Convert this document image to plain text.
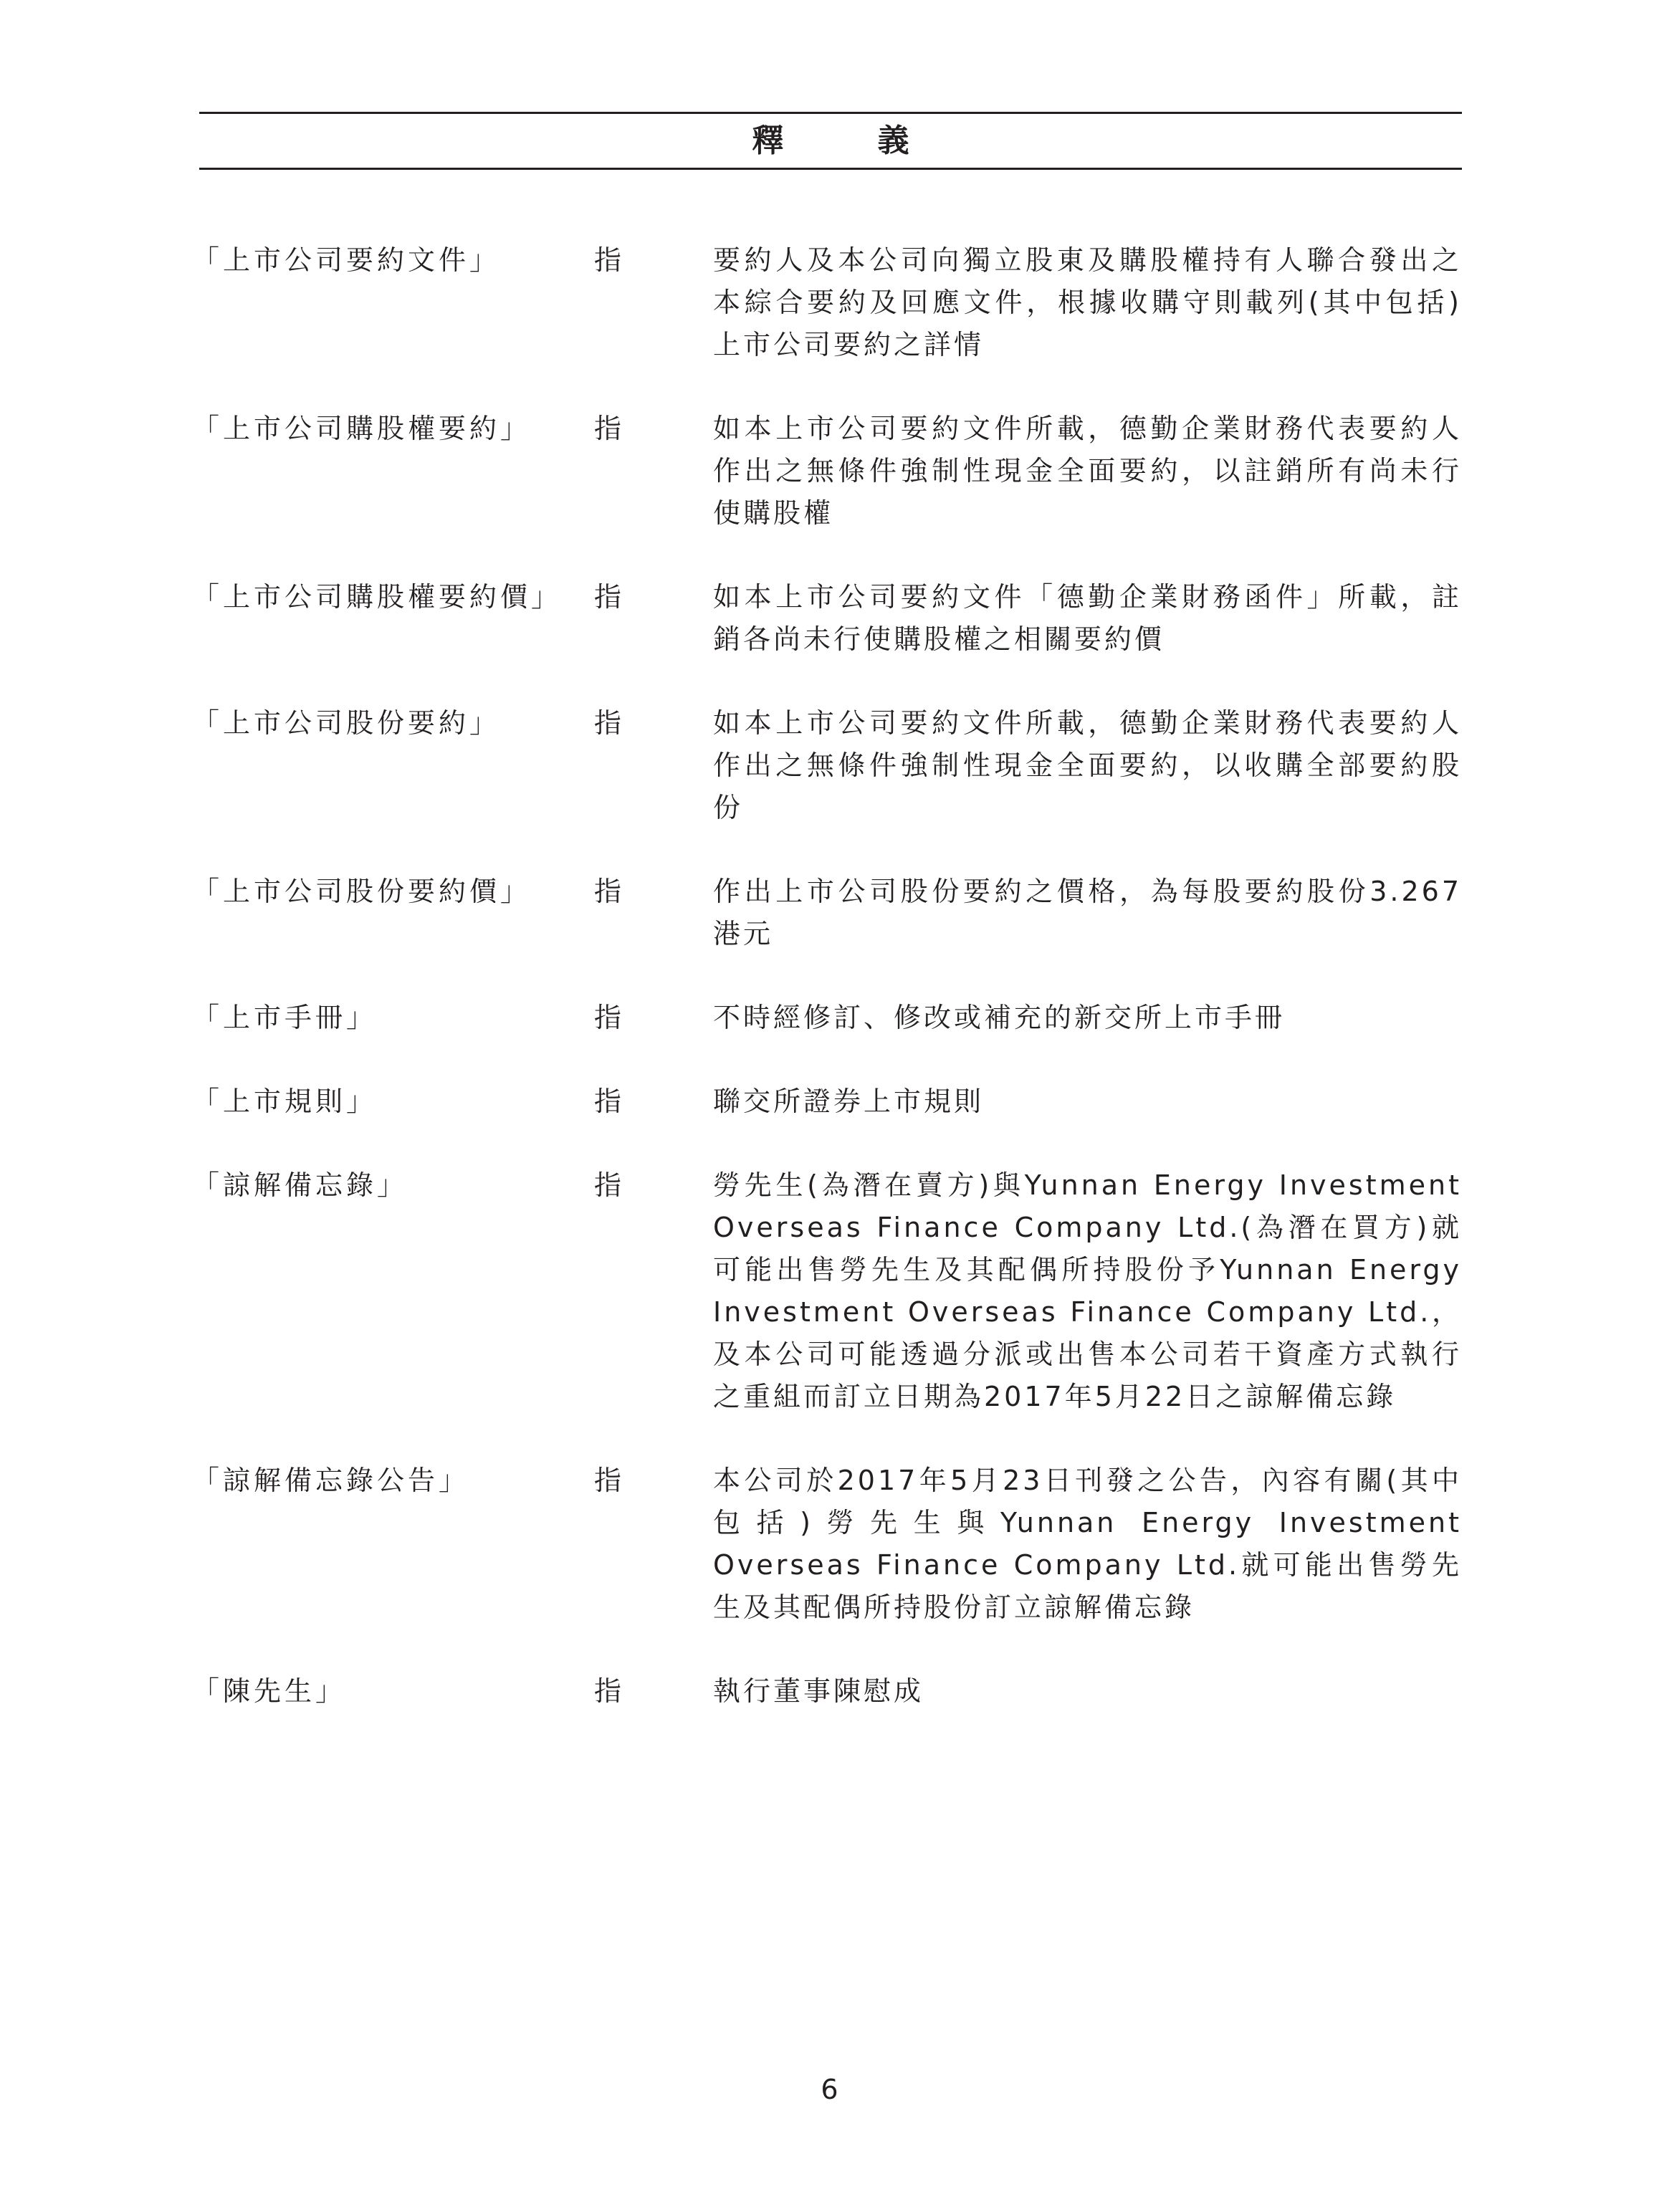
釋 義
「上市公司要約文件」	指	要約人及本公司向獨立股東及購股權持有人聯合發出之本綜合要約及回應文件，根據收購守則載列(其中包括)上市公司要約之詳情
「上市公司購股權要約」	指	如本上市公司要約文件所載，德勤企業財務代表要約人作出之無條件強制性現金全面要約，以註銷所有尚未行使購股權
「上市公司購股權要約價」	指	如本上市公司要約文件「德勤企業財務函件」所載，註銷各尚未行使購股權之相關要約價
「上市公司股份要約」	指	如本上市公司要約文件所載，德勤企業財務代表要約人作出之無條件強制性現金全面要約，以收購全部要約股份
「上市公司股份要約價」	指	作出上市公司股份要約之價格，為每股要約股份3.267港元
「上市手冊」	指	不時經修訂、修改或補充的新交所上市手冊
「上市規則」	指	聯交所證券上市規則
「諒解備忘錄」	指	勞先生(為潛在賣方)與Yunnan Energy Investment Overseas Finance Company Ltd.(為潛在買方)就可能出售勞先生及其配偶所持股份予Yunnan Energy Investment Overseas Finance Company Ltd.，及本公司可能透過分派或出售本公司若干資產方式執行之重組而訂立日期為2017年5月22日之諒解備忘錄
「諒解備忘錄公告」	指	本公司於2017年5月23日刊發之公告，內容有關(其中包括)勞先生與Yunnan Energy Investment Overseas Finance Company Ltd.就可能出售勞先生及其配偶所持股份訂立諒解備忘錄
「陳先生」	指	執行董事陳慰成
6
